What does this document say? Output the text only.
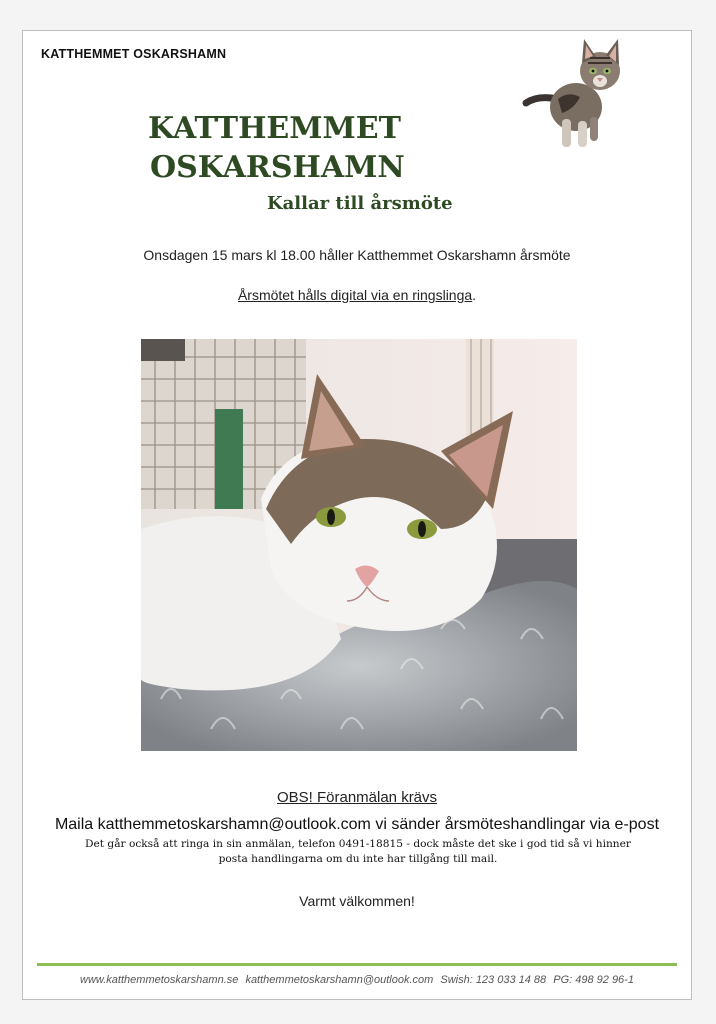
KATTHEMMET OSKARSHAMN
KATTHEMMET
OSKARSHAMN
Kallar till årsmöte
Onsdagen 15 mars kl 18.00 håller Katthemmet Oskarshamn årsmöte
Årsmötet hålls digital via en ringslinga.
OBS! Föranmälan krävs
Maila katthemmetoskarshamn@outlook.com vi sänder årsmöteshandlingar via e-post
Det går också att ringa in sin anmälan, telefon 0491-18815 - dock måste det ske i god tid så vi hinner posta handlingarna om du inte har tillgång till mail.
Varmt välkommen!
www.katthemmetoskarshamn.se katthemmetoskarshamn@outlook.com Swish: 123 033 14 88 PG: 498 92 96-1
